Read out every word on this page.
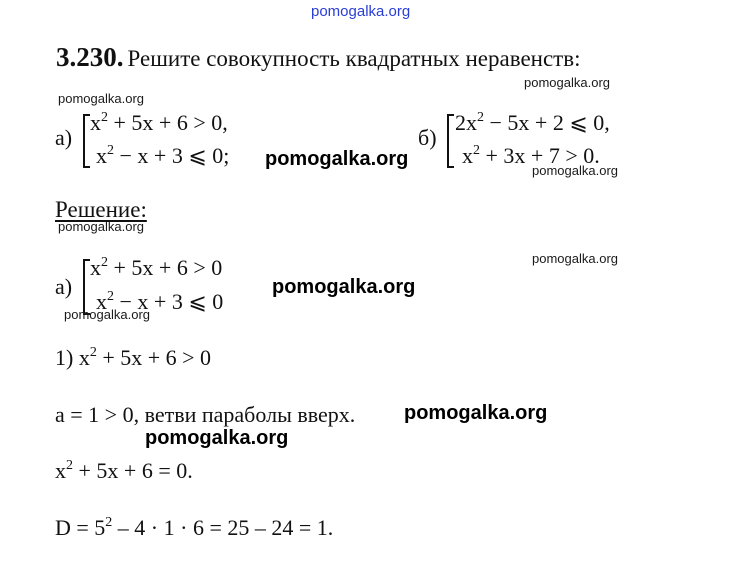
pomogalka.org
3.230. Решите совокупность квадратных неравенств:
pomogalka.org
pomogalka.org
а)
$x^2 + 5x + 6 > 0$,
$x^2 - x + 3$ ⩽ 0; pomogalka.org
б)
$2x^2 - 5x + 2$ ⩽ 0,
$x^2 + 3x + 7 > 0$.
pomogalka.org
Решение:
pomogalka.org
pomogalka.org
а)
$x^2 + 5x + 6 > 0$
$x^2 - x + 3$ ⩽ 0
pomogalka.org
pomogalka.org
1) $x^2 + 5x + 6 > 0$
а = 1 > 0, ветви параболы вверх. pomogalka.org
pomogalka.org
$x^2 + 5x + 6 = 0$.
$D = 5^2 - 4 \cdot 1 \cdot 6 = 25 - 24 = 1$.
